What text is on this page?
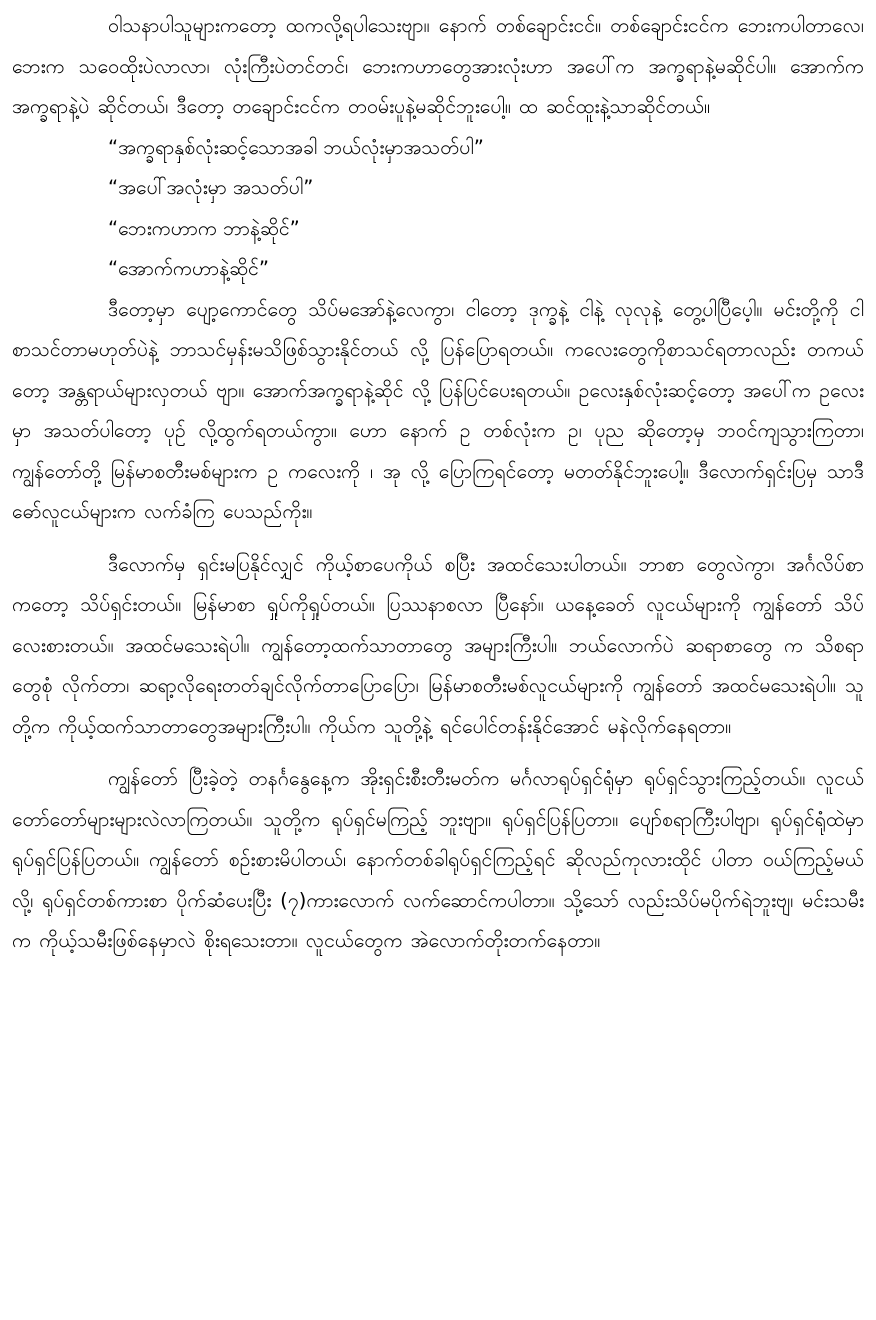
ဝါသနာပါသူများကတော့ ထကလို့ရပါသေးဗျာ။ နောက် တစ်ချောင်းငင်။ တစ်ချောင်းငင်က ဘေးကပါတာလေ၊ ဘေးက သဝေထိုးပဲလာလာ၊ လုံးကြီးပဲတင်တင်၊ ဘေးကဟာတွေအားလုံးဟာ အပေါ်က အက္ခရာနဲ့မဆိုင်ပါ။ အောက်က အက္ခရာနဲ့ပဲ ဆိုင်တယ်၊ ဒီတော့ တချောင်းငင်က တဝမ်းပူနဲ့မဆိုင်ဘူးပေါ့။ ထ ဆင်ထူးနဲ့သာဆိုင်တယ်။

“အက္ခရာနှစ်လုံးဆင့်သောအခါ ဘယ်လုံးမှာအသတ်ပါ”

“အပေါ်အလုံးမှာ အသတ်ပါ”

“ဘေးကဟာက ဘာနဲ့ဆိုင်”

“အောက်ကဟာနဲ့ဆိုင်”

ဒီတော့မှာ ပျော့ကောင်တွေ သိပ်မအော်နဲ့လေကွာ၊ ငါတော့ ဒုက္ခနဲ့ ငါနဲ့ လုလုနဲ့ တွေ့ပါပြီပေ့ါ။ မင်းတို့ကို ငါ စာသင်တာမဟုတ်ပဲနဲ့ ဘာသင်မှန်းမသိဖြစ်သွားနိုင်တယ် လို့ ပြန်ပြောရတယ်။ ကလေးတွေကိုစာသင်ရတာလည်း တကယ်တော့ အန္တရာယ်များလှတယ် ဗျာ။ အောက်အက္ခရာနဲ့ဆိုင် လို့ ပြန်ပြင်ပေးရတယ်။ ဥလေးနှစ်လုံးဆင့်တော့ အပေါ်က ဥလေးမှာ အသတ်ပါတော့ ပုဉ် လို့ထွက်ရတယ်ကွာ။ ဟော နောက် ဥ တစ်လုံးက ဥ၊ ပုည ဆိုတော့မှ ဘဝင်ကျသွားကြတာ၊ ကျွန်တော်တို့ မြန်မာစတီးမစ်များက ဥ ကလေးကို ၊ အု လို့ ပြောကြရင်တော့ မတတ်နိုင်ဘူးပေါ့။ ဒီလောက်ရှင်းပြမှ သာဒီဓော်လူငယ်များက လက်ခံကြ ပေသည်ကိုး။

ဒီလောက်မှ ရှင်းမပြနိုင်လျှင် ကိုယ့်စာပေကိုယ် စပြီး အထင်သေးပါတယ်။ ဘာစာ တွေလဲကွာ၊ အင်္ဂလိပ်စာကတော့ သိပ်ရှင်းတယ်။ မြန်မာစာ ရှုပ်ကိုရှုပ်တယ်။ ပြဿနာစလာ ပြီနော်။ ယနေ့ခေတ် လူငယ်များကို ကျွန်တော် သိပ်လေးစားတယ်။ အထင်မသေးရဲပါ။ ကျွန်တော့ထက်သာတာတွေ အများကြီးပါ။ ဘယ်လောက်ပဲ ဆရာစာတွေ က သိစရာတွေစုံ လိုက်တာ၊ ဆရာ့လိုရေးတတ်ချင်လိုက်တာပြောပြော၊ မြန်မာစတီးမစ်လူငယ်များကို ကျွန်တော် အထင်မသေးရဲပါ။ သူတို့က ကိုယ့်ထက်သာတာတွေအများကြီးပါ။ ကိုယ်က သူတို့နဲ့ ရင်ပေါင်တန်းနိုင်အောင် မနဲလိုက်နေရတာ။

ကျွန်တော် ပြီးခဲ့တဲ့ တနင်္ဂနွေနေ့က အိုးရှင်းစီးတီးမတ်က မင်္ဂလာရုပ်ရှင်ရုံမှာ ရုပ်ရှင်သွားကြည့်တယ်။ လူငယ်တော်တော်များများလဲလာကြတယ်။ သူတို့က ရုပ်ရှင်မကြည့် ဘူးဗျာ။ ရုပ်ရှင်ပြန်ပြတာ။ ပျော်စရာကြီးပါဗျာ၊ ရုပ်ရှင်ရုံထဲမှာ ရုပ်ရှင်ပြန်ပြတယ်။ ကျွန်တော် စဉ်းစားမိပါတယ်၊ နောက်တစ်ခါရုပ်ရှင်ကြည့်ရင် ဆိုလည်ကုလားထိုင် ပါတာ ဝယ်ကြည့်မယ် လို့၊ ရုပ်ရှင်တစ်ကားစာ ပိုက်ဆံပေးပြီး (၇)ကားလောက် လက်ဆောင်ကပါတာ။ သို့သော် လည်းသိပ်မပိုက်ရဲဘူးဗျ၊ မင်းသမီးက ကိုယ့်သမီးဖြစ်နေမှာလဲ စိုးရသေးတာ။ လူငယ်တွေက အဲလောက်တိုးတက်နေတာ။
